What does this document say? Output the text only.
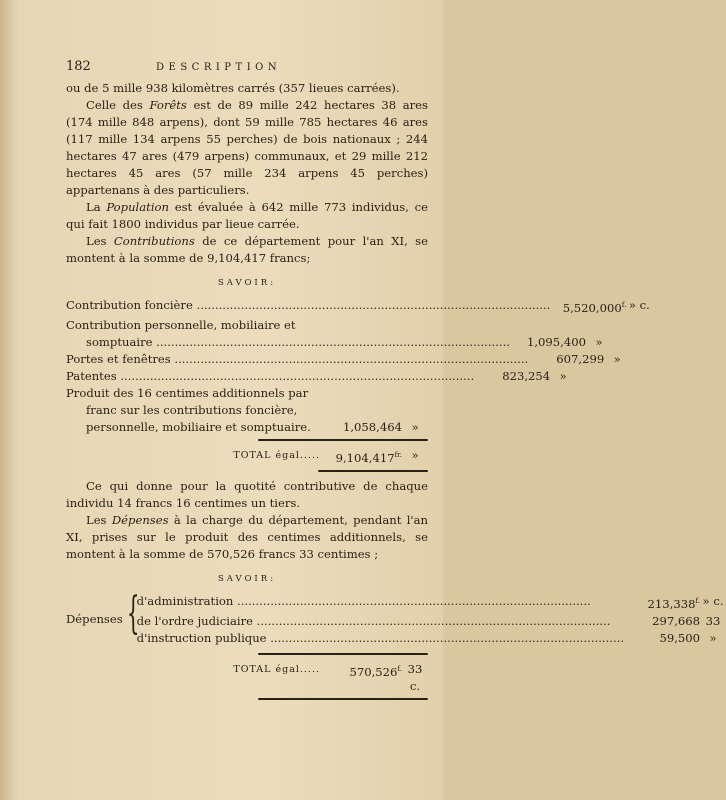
182	DESCRIPTION

ou de 5 mille 938 kilomètres carrés (357 lieues carrées).

Celle des Forêts est de 89 mille 242 hectares 38 ares (174 mille 848 arpens), dont 59 mille 785 hectares 46 ares (117 mille 134 arpens 55 perches) de bois nationaux ; 244 hectares 47 ares (479 arpens) communaux, et 29 mille 212 hectares 45 ares (57 mille 234 arpens 45 perches) appartenans à des particuliers.

La Population est évaluée à 642 mille 773 individus, ce qui fait 1800 individus par lieue carrée.

Les Contributions de ce département pour l'an XI, se montent à la somme de 9,104,417 francs;

SAVOIR:
Contribution foncière .....	$5,520,000^{f.}$ » c.

Contribution personnelle, mobiliaire et

somptuaire .....	1,095,400 »
Portes et fenêtres .....	607,299 »
Patentes .....	823,254 »

Produit des 16 centimes additionnels par

franc sur les contributions foncière,

personnelle, mobiliaire et somptuaire.	1,058,464 »
TOTAL égal.....	$9,104,417^{fr.}$ »

Ce qui donne pour la quotité contributive de chaque individu 14 francs 16 centimes un tiers.

Les Dépenses à la charge du département, pendant l'an XI, prises sur le produit des centimes additionnels, se montent à la somme de 570,526 francs 33 centimes ;

SAVOIR:
Dépenses {
d'administration .....	$213,338^{f.}$ » c.
de l'ordre judiciaire .....	297,668 33
d'instruction publique .....	59,500 »
TOTAL égal.....	$570,526^{f.}$ 33 c.
